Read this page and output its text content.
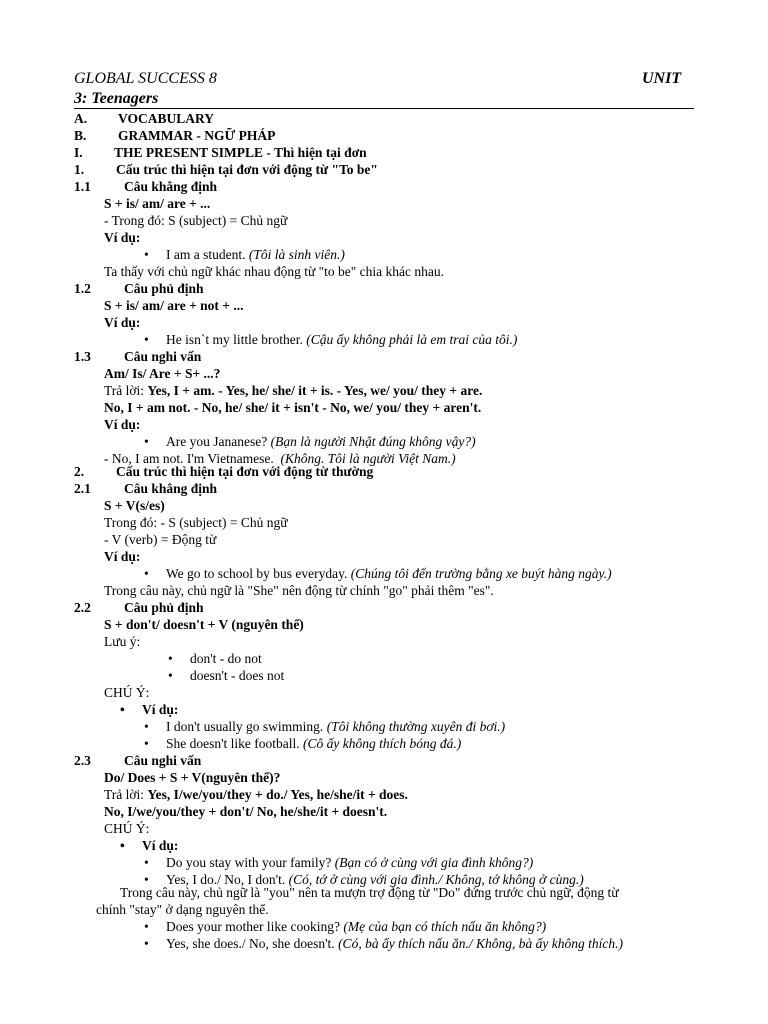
GLOBAL SUCCESS 8	UNIT
3: Teenagers
A. VOCABULARY
B. GRAMMAR - NGỮ PHÁP
I. THE PRESENT SIMPLE - Thì hiện tại đơn
1. Cấu trúc thì hiện tại đơn với động từ "To be"
1.1 Câu khẳng định
S + is/ am/ are + ...
- Trong đó: S (subject) = Chủ ngữ
Ví dụ:
• I am a student. (Tôi là sinh viên.)
Ta thấy với chủ ngữ khác nhau động từ "to be" chia khác nhau.
1.2 Câu phủ định
S + is/ am/ are + not + ...
Ví dụ:
• He isn`t my little brother. (Cậu ấy không phải là em trai của tôi.)
1.3 Câu nghi vấn
Am/ Is/ Are + S+ ...?
Trả lời: Yes, I + am. - Yes, he/ she/ it + is. - Yes, we/ you/ they + are.
No, I + am not. - No, he/ she/ it + isn't - No, we/ you/ they + aren't.
Ví dụ:
• Are you Jananese? (Bạn là người Nhật đúng không vậy?)
- No, I am not. I'm Vietnamese. (Không. Tôi là người Việt Nam.)
2. Cấu trúc thì hiện tại đơn với động từ thường
2.1 Câu khẳng định
S + V(s/es)
Trong đó: - S (subject) = Chủ ngữ
- V (verb) = Động từ
Ví dụ:
• We go to school by bus everyday. (Chúng tôi đến trường bằng xe buýt hàng ngày.)
Trong câu này, chủ ngữ là "She" nên động từ chính "go" phải thêm "es".
2.2 Câu phủ định
S + don't/ doesn't + V (nguyên thể)
Lưu ý:
• don't - do not
• doesn't - does not
CHÚ Ý:
• Ví dụ:
• I don't usually go swimming. (Tôi không thường xuyên đi bơi.)
• She doesn't like football. (Cô ấy không thích bóng đá.)
2.3 Câu nghi vấn
Do/ Does + S + V(nguyên thể)?
Trả lời: Yes, I/we/you/they + do./ Yes, he/she/it + does.
No, I/we/you/they + don't/ No, he/she/it + doesn't.
CHÚ Ý:
• Ví dụ:
• Do you stay with your family? (Bạn có ở cùng với gia đình không?)
• Yes, I do./ No, I don't. (Có, tớ ở cùng với gia đình./ Không, tớ không ở cùng.)
Trong câu này, chủ ngữ là "you" nên ta mượn trợ động từ "Do" đứng trước chủ ngữ, động từ
chính "stay" ở dạng nguyên thể.
• Does your mother like cooking? (Mẹ của bạn có thích nấu ăn không?)
• Yes, she does./ No, she doesn't. (Có, bà ấy thích nấu ăn./ Không, bà ấy không thích.)
